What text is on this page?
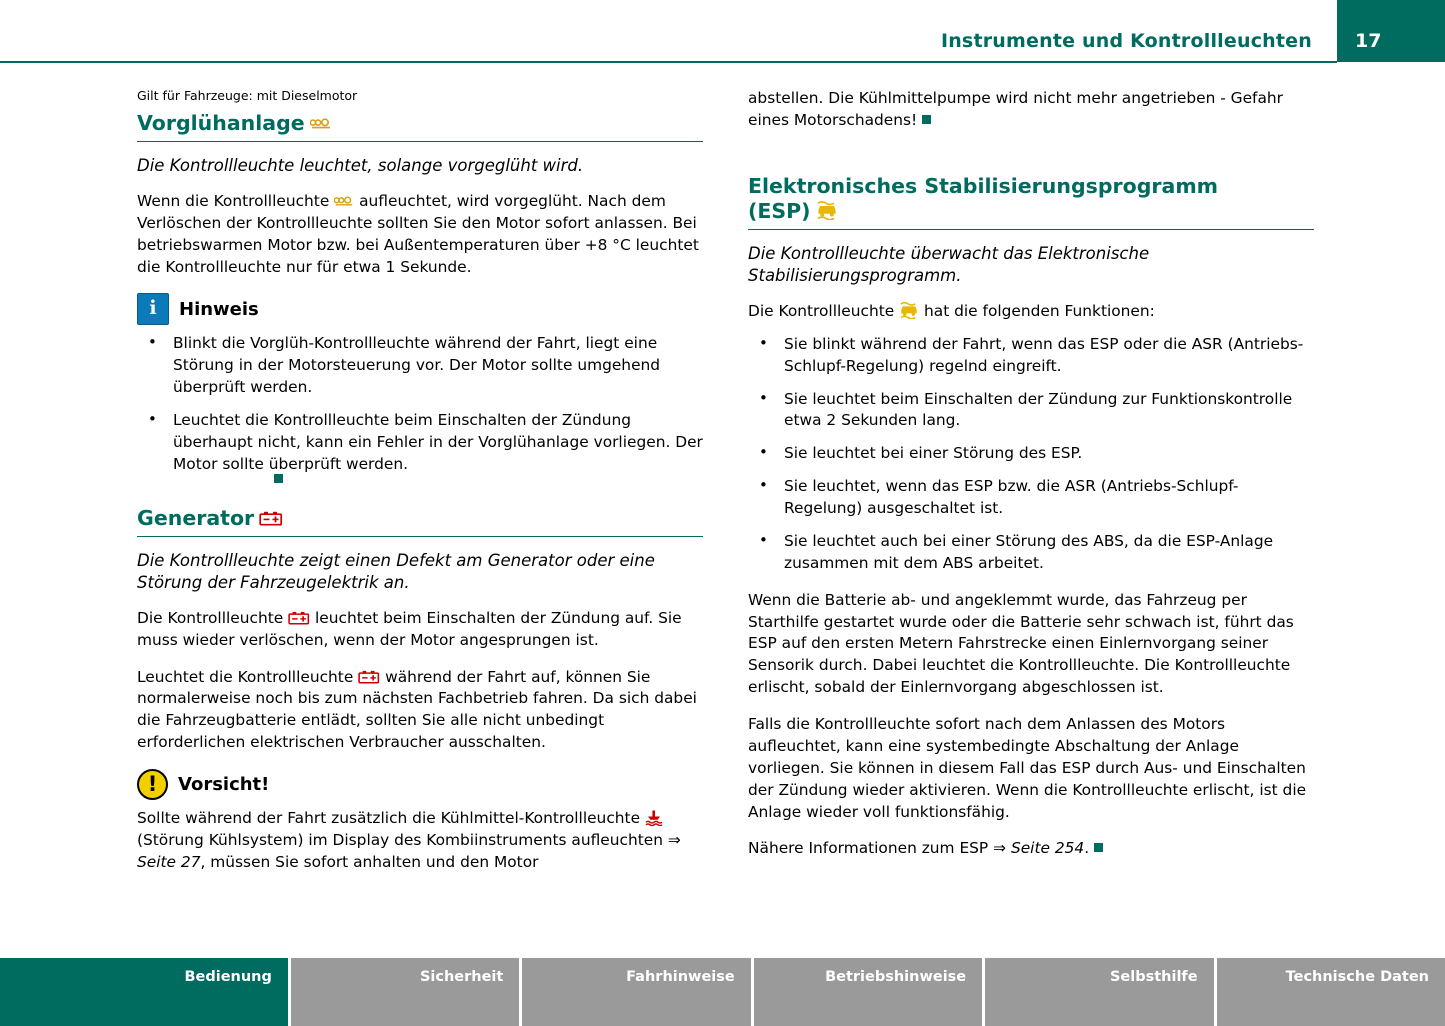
Instrumente und Kontrollleuchten 17

Gilt für Fahrzeuge: mit Dieselmotor

Vorglühanlage

Die Kontrollleuchte leuchtet, solange vorgeglüht wird.

Wenn die Kontrollleuchte aufleuchtet, wird vorgeglüht. Nach dem Verlöschen der Kontrollleuchte sollten Sie den Motor sofort anlassen. Bei betriebswarmen Motor bzw. bei Außentemperaturen über +8 °C leuchtet die Kontrollleuchte nur für etwa 1 Sekunde.

i	Hinweis
• Blinkt die Vorglüh-Kontrollleuchte während der Fahrt, liegt eine Störung in der Motorsteuerung vor. Der Motor sollte umgehend überprüft werden.
• Leuchtet die Kontrollleuchte beim Einschalten der Zündung überhaupt nicht, kann ein Fehler in der Vorglühanlage vorliegen. Der Motor sollte überprüft werden.

Generator

Die Kontrollleuchte zeigt einen Defekt am Generator oder eine Störung der Fahrzeugelektrik an.

Die Kontrollleuchte leuchtet beim Einschalten der Zündung auf. Sie muss wieder verlöschen, wenn der Motor angesprungen ist.

Leuchtet die Kontrollleuchte während der Fahrt auf, können Sie normalerweise noch bis zum nächsten Fachbetrieb fahren. Da sich dabei die Fahrzeugbatterie entlädt, sollten Sie alle nicht unbedingt erforderlichen elektrischen Verbraucher ausschalten.

!	Vorsicht!

Sollte während der Fahrt zusätzlich die Kühlmittel-Kontrollleuchte
(Störung Kühlsystem) im Display des Kombiinstruments aufleuchten ⇒ Seite 27, müssen Sie sofort anhalten und den Motor

abstellen. Die Kühlmittelpumpe wird nicht mehr angetrieben - Gefahr eines Motorschadens!

Elektronisches Stabilisierungsprogramm
(ESP)

Die Kontrollleuchte überwacht das Elektronische Stabilisierungsprogramm.

Die Kontrollleuchte hat die folgenden Funktionen:

• Sie blinkt während der Fahrt, wenn das ESP oder die ASR (Antriebs-Schlupf-Regelung) regelnd eingreift.
• Sie leuchtet beim Einschalten der Zündung zur Funktionskontrolle etwa 2 Sekunden lang.
• Sie leuchtet bei einer Störung des ESP.
• Sie leuchtet, wenn das ESP bzw. die ASR (Antriebs-Schlupf-Regelung) ausgeschaltet ist.
• Sie leuchtet auch bei einer Störung des ABS, da die ESP-Anlage zusammen mit dem ABS arbeitet.

Wenn die Batterie ab- und angeklemmt wurde, das Fahrzeug per Starthilfe gestartet wurde oder die Batterie sehr schwach ist, führt das ESP auf den ersten Metern Fahrstrecke einen Einlernvorgang seiner Sensorik durch. Dabei leuchtet die Kontrollleuchte. Die Kontrollleuchte erlischt, sobald der Einlernvorgang abgeschlossen ist.

Falls die Kontrollleuchte sofort nach dem Anlassen des Motors aufleuchtet, kann eine systembedingte Abschaltung der Anlage vorliegen. Sie können in diesem Fall das ESP durch Aus- und Einschalten der Zündung wieder aktivieren. Wenn die Kontrollleuchte erlischt, ist die Anlage wieder voll funktionsfähig.

Nähere Informationen zum ESP ⇒ Seite 254.

Bedienung	Sicherheit	Fahrhinweise	Betriebshinweise	Selbsthilfe	Technische Daten
